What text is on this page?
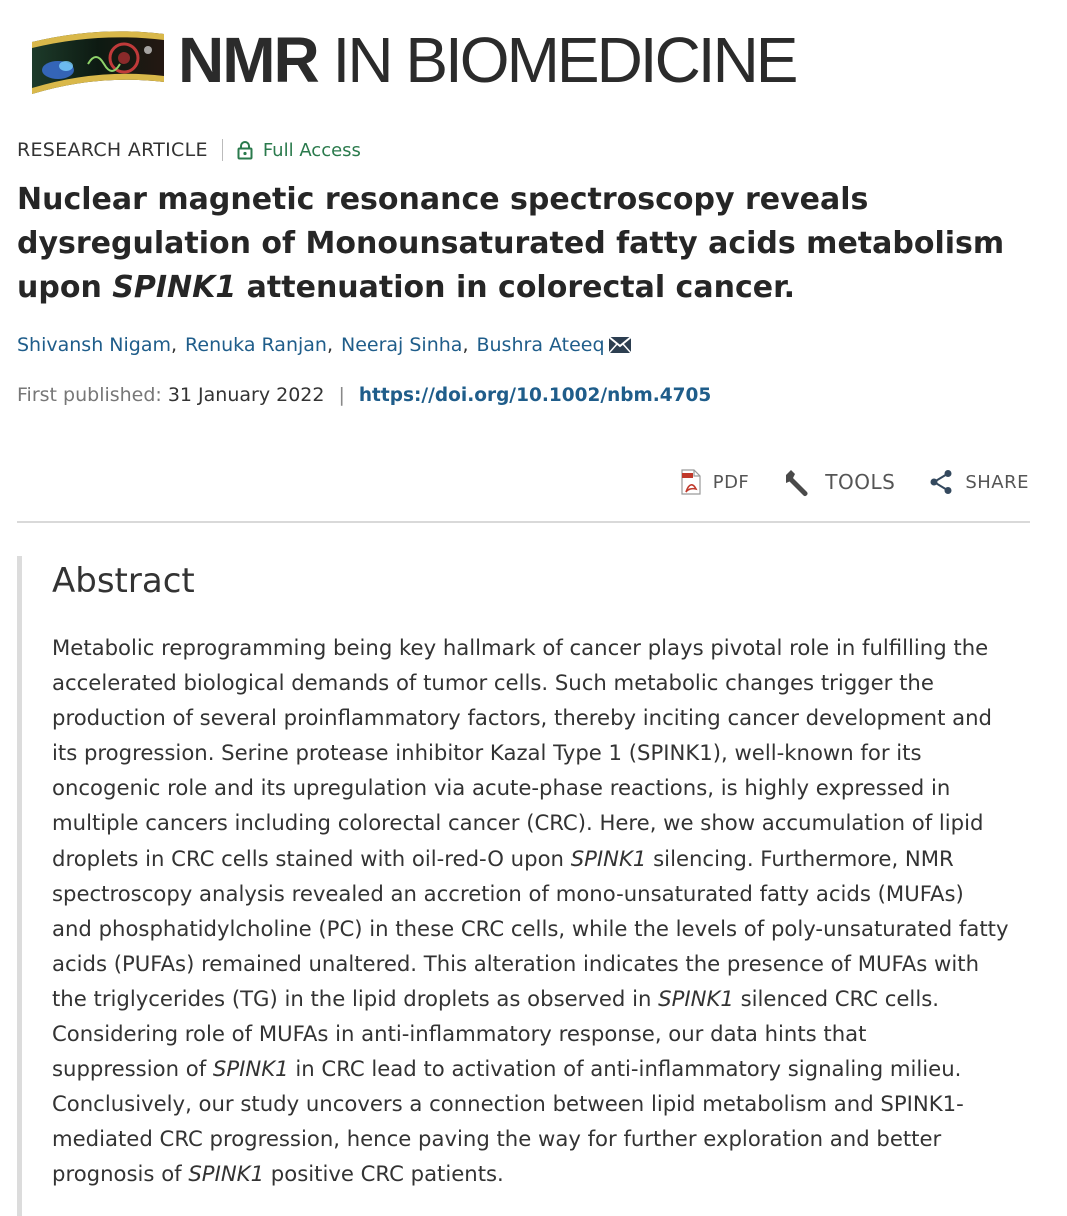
NMR IN BIOMEDICINE
RESEARCH ARTICLE	Full Access
Nuclear magnetic resonance spectroscopy reveals dysregulation of Monounsaturated fatty acids metabolism upon SPINK1 attenuation in colorectal cancer.
Shivansh Nigam , Renuka Ranjan , Neeraj Sinha , Bushra Ateeq
First published: 31 January 2022 | https://doi.org/10.1002/nbm.4705
PDF	TOOLS	SHARE
Abstract

Metabolic reprogramming being key hallmark of cancer plays pivotal role in fulfilling the
accelerated biological demands of tumor cells. Such metabolic changes trigger the
production of several proinflammatory factors, thereby inciting cancer development and
its progression. Serine protease inhibitor Kazal Type 1 (SPINK1), well-known for its
oncogenic role and its upregulation via acute-phase reactions, is highly expressed in
multiple cancers including colorectal cancer (CRC). Here, we show accumulation of lipid
droplets in CRC cells stained with oil-red-O upon SPINK1 silencing. Furthermore, NMR
spectroscopy analysis revealed an accretion of mono-unsaturated fatty acids (MUFAs)
and phosphatidylcholine (PC) in these CRC cells, while the levels of poly-unsaturated fatty
acids (PUFAs) remained unaltered. This alteration indicates the presence of MUFAs with
the triglycerides (TG) in the lipid droplets as observed in SPINK1 silenced CRC cells.
Considering role of MUFAs in anti-inflammatory response, our data hints that
suppression of SPINK1 in CRC lead to activation of anti-inflammatory signaling milieu.
Conclusively, our study uncovers a connection between lipid metabolism and SPINK1-
mediated CRC progression, hence paving the way for further exploration and better
prognosis of SPINK1 positive CRC patients.
